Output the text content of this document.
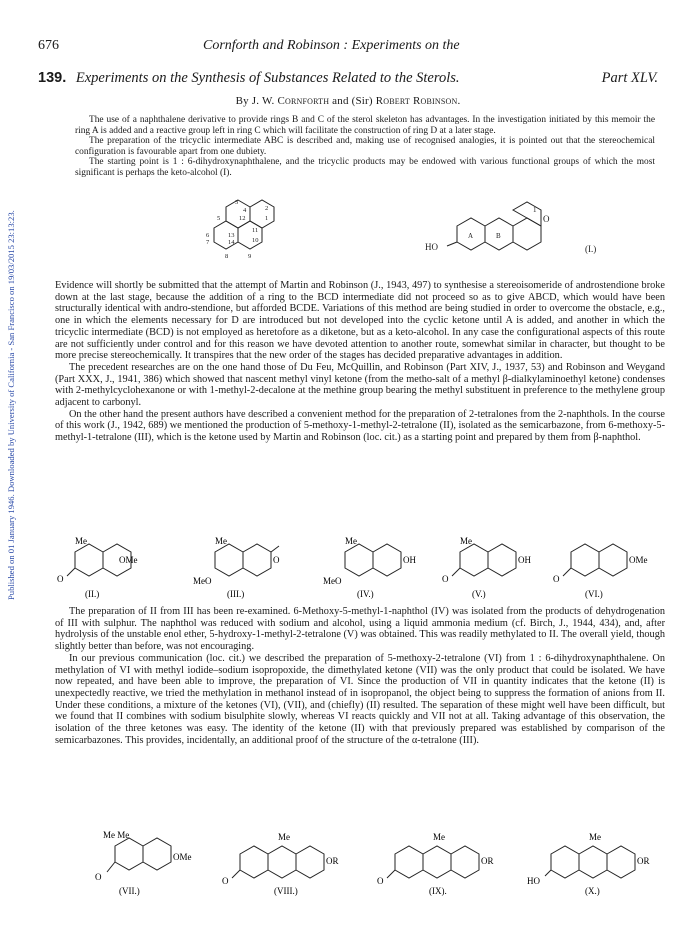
Published on 01 January 1946. Downloaded by University of California - San Francisco on 19/03/2015 23:13:23.
676	Cornforth and Robinson : Experiments on the
139. Experiments on the Synthesis of Substances Related to the Sterols.	Part XLV.
By J. W. Cornforth and (Sir) Robert Robinson.

The use of a naphthalene derivative to provide rings B and C of the sterol skeleton has advantages. In the investigation initiated by this memoir the ring A is added and a reactive group left in ring C which will facilitate the construction of ring D at a later stage.

The preparation of the tricyclic intermediate ABC is described and, making use of recognised analogies, it is pointed out that the stereochemical configuration is favourable apart from one dubiety.

The starting point is 1 : 6-dihydroxynaphthalene, and the tricyclic products may be endowed with various functional groups of which the most significant is perhaps the keto-alcohol (I).

3
4	2
1
5	12
6
7
13
14
11
10
8	9
HO
A	B
O
1
(I.)

Evidence will shortly be submitted that the attempt of Martin and Robinson (J., 1943, 497) to synthesise a stereoisomeride of androstendione broke down at the last stage, because the addition of a ring to the BCD intermediate did not proceed so as to give ABCD, which would have been structurally identical with andro-stendione, but afforded BCDE. Variations of this method are being studied in order to overcome the obstacle, e.g., one in which the elements necessary for D are introduced but not developed into the cyclic ketone until A is added, and another in which the tricyclic intermediate (BCD) is not employed as heretofore as a diketone, but as a keto-alcohol. In any case the configurational aspects of this route are not sufficiently under control and for this reason we have devoted attention to another route, somewhat similar in character, but thought to be more precise stereochemically. It transpires that the new order of the stages has decided preparative advantages in addition.

The precedent researches are on the one hand those of Du Feu, McQuillin, and Robinson (Part XIV, J., 1937, 53) and Robinson and Weygand (Part XXX, J., 1941, 386) which showed that nascent methyl vinyl ketone (from the metho-salt of a methyl β-dialkylaminoethyl ketone) condenses with 2-methylcyclohexanone or with 1-methyl-2-decalone at the methine group bearing the methyl substituent in preference to the methylene group adjacent to carbonyl.

On the other hand the present authors have described a convenient method for the preparation of 2-tetralones from the 2-naphthols. In the course of this work (J., 1942, 689) we mentioned the production of 5-methoxy-1-methyl-2-tetralone (II), isolated as the semicarbazone, from 6-methoxy-5-methyl-1-tetralone (III), which is the ketone used by Martin and Robinson (loc. cit.) as a starting point and prepared by them from β-naphthol.

Me
OMe
O
(II.)
Me
O
MeO
(III.)
Me
OH
MeO
(IV.)
Me
OH
O
(V.)
OMe
O
(VI.)

The preparation of II from III has been re-examined. 6-Methoxy-5-methyl-1-naphthol (IV) was isolated from the products of dehydrogenation of III with sulphur. The naphthol was reduced with sodium and alcohol, using a liquid ammonia medium (cf. Birch, J., 1944, 434), and, after hydrolysis of the unstable enol ether, 5-hydroxy-1-methyl-2-tetralone (V) was obtained. This was readily methylated to II. The overall yield, though slightly better than before, was not encouraging.

In our previous communication (loc. cit.) we described the preparation of 5-methoxy-2-tetralone (VI) from 1 : 6-dihydroxynaphthalene. On methylation of VI with methyl iodide–sodium isopropoxide, the dimethylated ketone (VII) was the only product that could be isolated. We have now repeated, and have been able to improve, the preparation of VI. Since the production of VII in quantity indicates that the ketone (II) is unexpectedly reactive, we tried the methylation in methanol instead of in isopropanol, the object being to suppress the formation of anions from II. Under these conditions, a mixture of the ketones (VI), (VII), and (chiefly) (II) resulted. The separation of these might well have been difficult, but we found that II combines with sodium bisulphite slowly, whereas VI reacts quickly and VII not at all. Taking advantage of this observation, the isolation of the three ketones was easy. The identity of the ketone (II) with that previously prepared was established by comparison of the semicarbazones. This provides, incidentally, an additional proof of the structure of the α-tetralone (III).

Me Me
OMe
O
(VII.)
Me
OR
O
(VIII.)
Me
OR
O
(IX).
Me
OR
HO
(X.)
